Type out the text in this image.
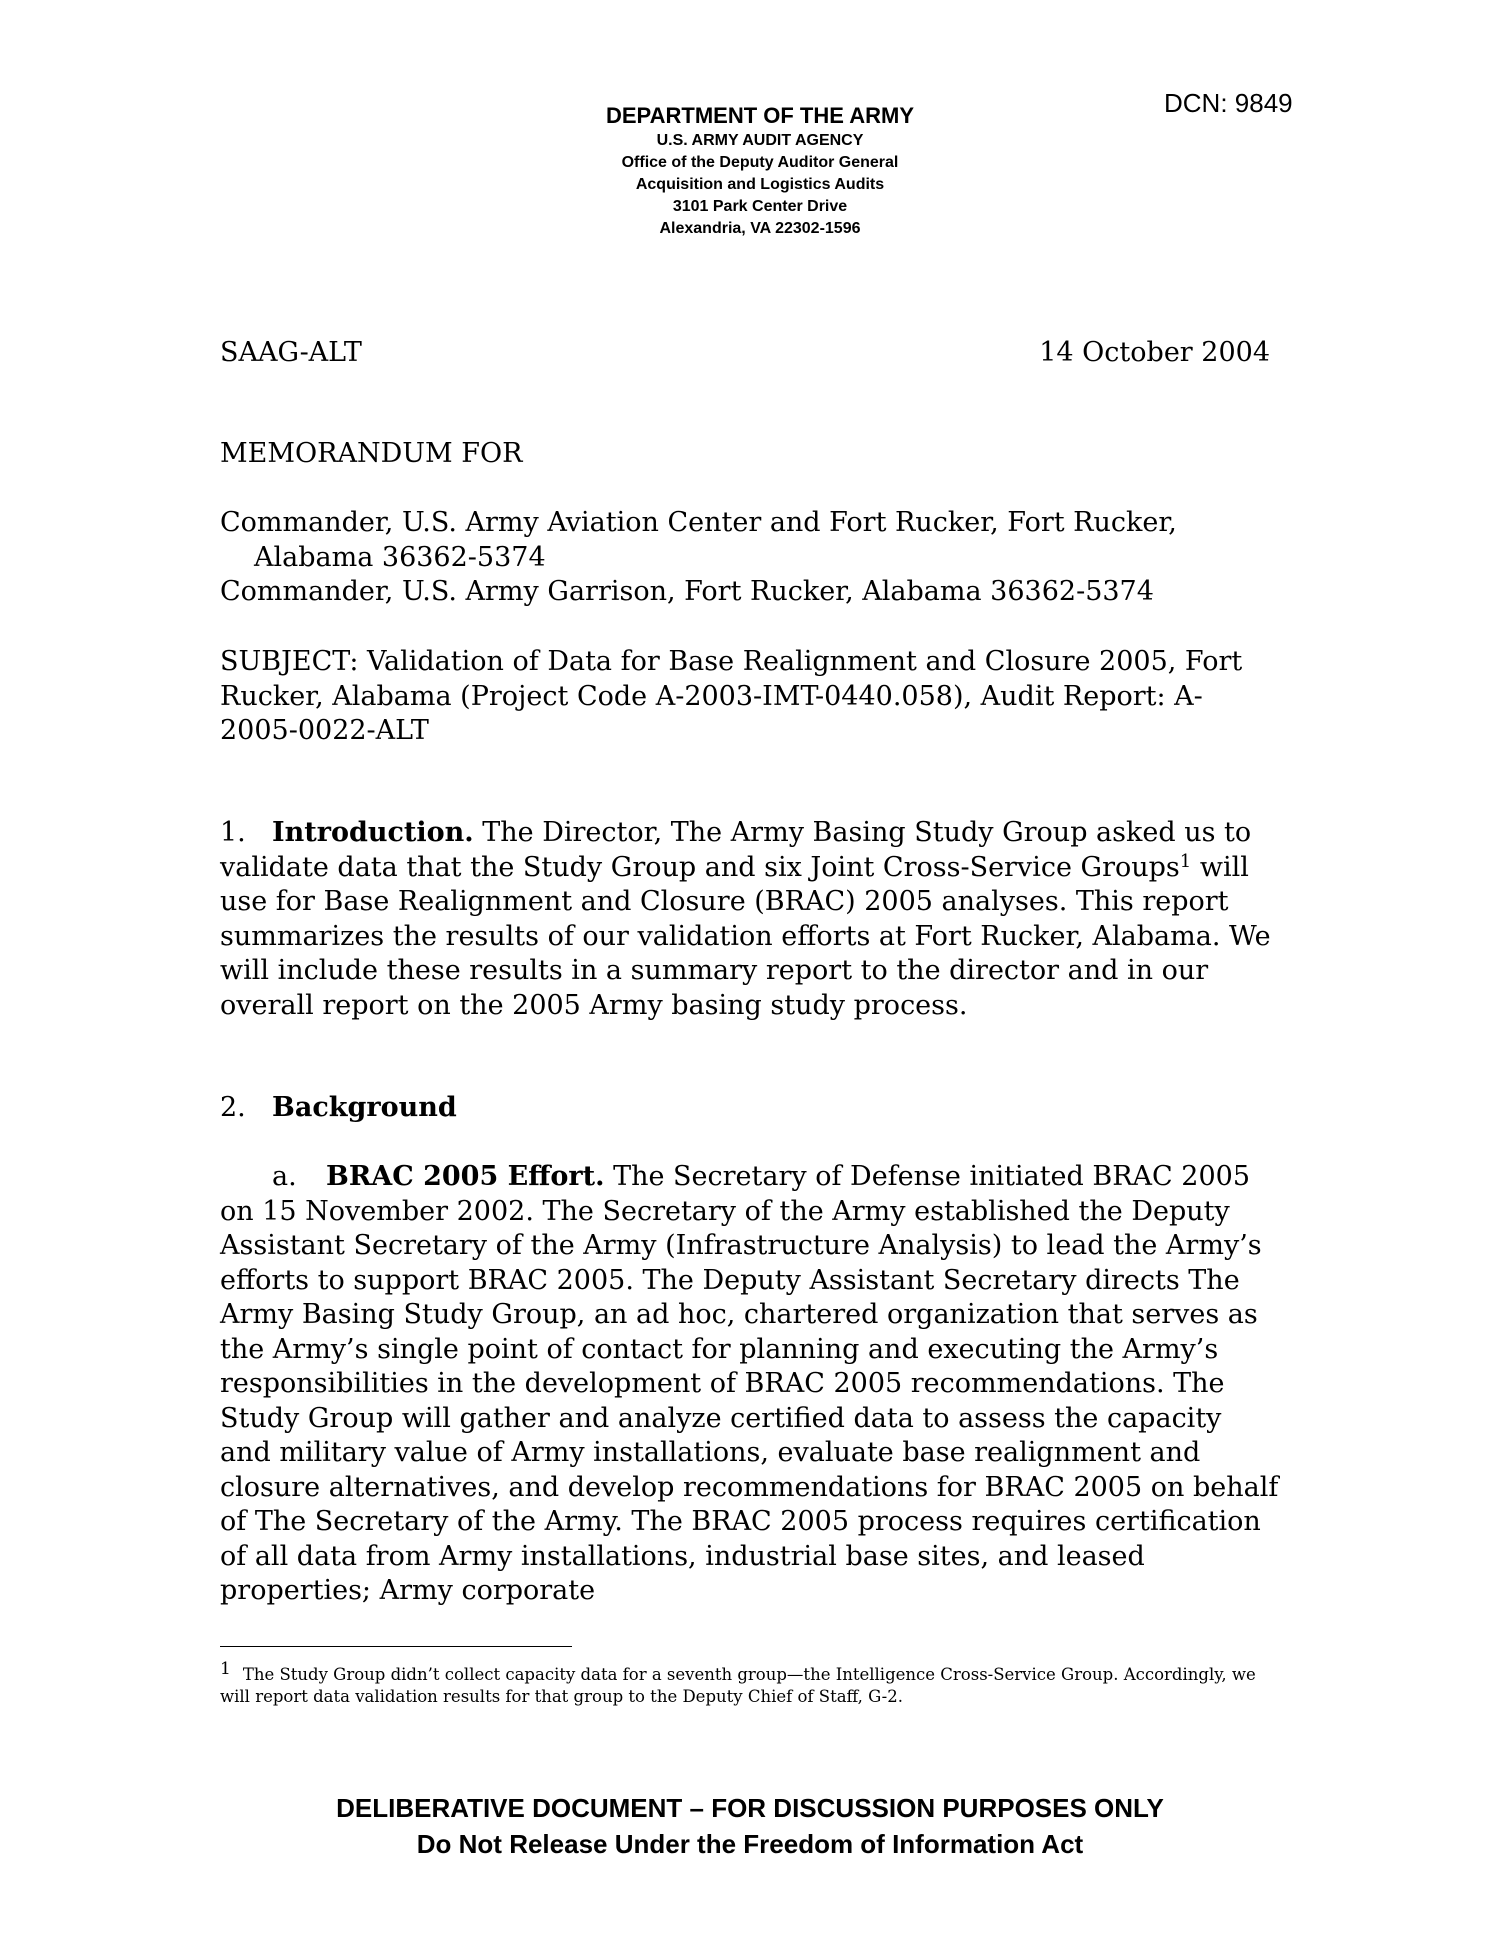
DCN: 9849
DEPARTMENT OF THE ARMY
U.S. ARMY AUDIT AGENCY
Office of the Deputy Auditor General
Acquisition and Logistics Audits
3101 Park Center Drive
Alexandria, VA 22302-1596
SAAG-ALT	14 October 2004
MEMORANDUM FOR
Commander, U.S. Army Aviation Center and Fort Rucker, Fort Rucker,
Alabama 36362-5374
Commander, U.S. Army Garrison, Fort Rucker, Alabama 36362-5374
SUBJECT: Validation of Data for Base Realignment and Closure 2005, Fort Rucker, Alabama (Project Code A-2003-IMT-0440.058), Audit Report: A-2005-0022-ALT
1. Introduction. The Director, The Army Basing Study Group asked us to validate data that the Study Group and six Joint Cross-Service Groups$^1$ will use for Base Realignment and Closure (BRAC) 2005 analyses. This report summarizes the results of our validation efforts at Fort Rucker, Alabama. We will include these results in a summary report to the director and in our overall report on the 2005 Army basing study process.
2. Background
a. BRAC 2005 Effort. The Secretary of Defense initiated BRAC 2005 on 15 November 2002. The Secretary of the Army established the Deputy Assistant Secretary of the Army (Infrastructure Analysis) to lead the Army’s efforts to support BRAC 2005. The Deputy Assistant Secretary directs The Army Basing Study Group, an ad hoc, chartered organization that serves as the Army’s single point of contact for planning and executing the Army’s responsibilities in the development of BRAC 2005 recommendations. The Study Group will gather and analyze certified data to assess the capacity and military value of Army installations, evaluate base realignment and closure alternatives, and develop recommendations for BRAC 2005 on behalf of The Secretary of the Army. The BRAC 2005 process requires certification of all data from Army installations, industrial base sites, and leased properties; Army corporate
1 The Study Group didn’t collect capacity data for a seventh group—the Intelligence Cross-Service Group. Accordingly, we will report data validation results for that group to the Deputy Chief of Staff, G-2.
DELIBERATIVE DOCUMENT – FOR DISCUSSION PURPOSES ONLY
Do Not Release Under the Freedom of Information Act
